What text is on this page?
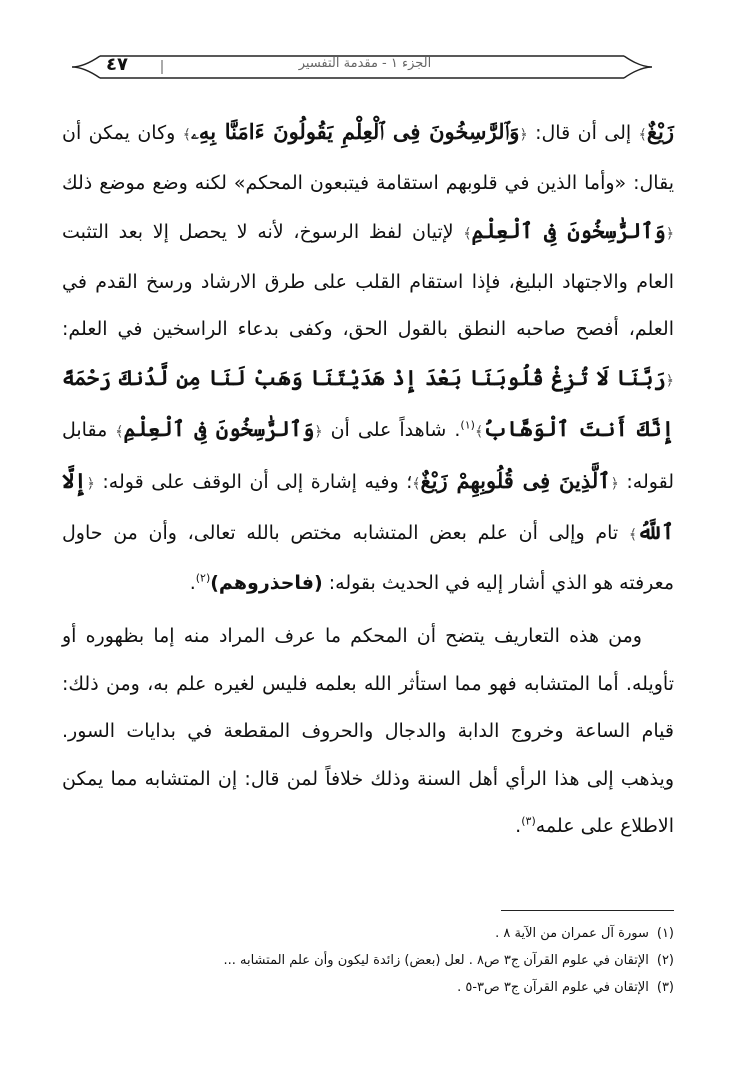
٤٧	الجزء ١ - مقدمة التفسير

زَيْغٌ﴾ إلى أن قال: ﴿وَٱلرَّٰسِخُونَ فِى ٱلْعِلْمِ يَقُولُونَ ءَامَنَّا بِهِۦ﴾ وكان يمكن أن يقال: «وأما الذين في قلوبهم استقامة فيتبعون المحكم» لكنه وضع موضع ذلك ﴿وَٱلرَّٰسِخُونَ فِى ٱلْعِلْمِ﴾ لإتيان لفظ الرسوخ، لأنه لا يحصل إلا بعد التثبت العام والاجتهاد البليغ، فإذا استقام القلب على طرق الارشاد ورسخ القدم في العلم، أفصح صاحبه النطق بالقول الحق، وكفى بدعاء الراسخين في العلم: ﴿رَبَّنَا لَا تُزِغْ قُلُوبَنَا بَعْدَ إِذْ هَدَيْتَنَا وَهَبْ لَنَا مِن لَّدُنكَ رَحْمَةً إِنَّكَ أَنتَ ٱلْوَهَّابُ﴾$^{(١)}$. شاهداً على أن ﴿وَٱلرَّٰسِخُونَ فِى ٱلْعِلْمِ﴾ مقابل لقوله: ﴿ٱلَّذِينَ فِى قُلُوبِهِمْ زَيْغٌ﴾؛ وفيه إشارة إلى أن الوقف على قوله: ﴿إِلَّا ٱللَّهُ﴾ تام وإلى أن علم بعض المتشابه مختص بالله تعالى، وأن من حاول معرفته هو الذي أشار إليه في الحديث بقوله: (فاحذروهم)$^{(٢)}$.

ومن هذه التعاريف يتضح أن المحكم ما عرف المراد منه إما بظهوره أو تأويله. أما المتشابه فهو مما استأثر الله بعلمه فليس لغيره علم به، ومن ذلك: قيام الساعة وخروج الدابة والدجال والحروف المقطعة في بدايات السور. ويذهب إلى هذا الرأي أهل السنة وذلك خلافاً لمن قال: إن المتشابه مما يمكن الاطلاع على علمه$^{(٣)}$.

(١)سورة آل عمران من الآية ٨ .
(٢)الإتقان في علوم القرآن ج٣ ص٨ . لعل (بعض) زائدة ليكون وأن علم المتشابه ...
(٣)الإتقان في علوم القرآن ج٣ ص٣-٥ .
